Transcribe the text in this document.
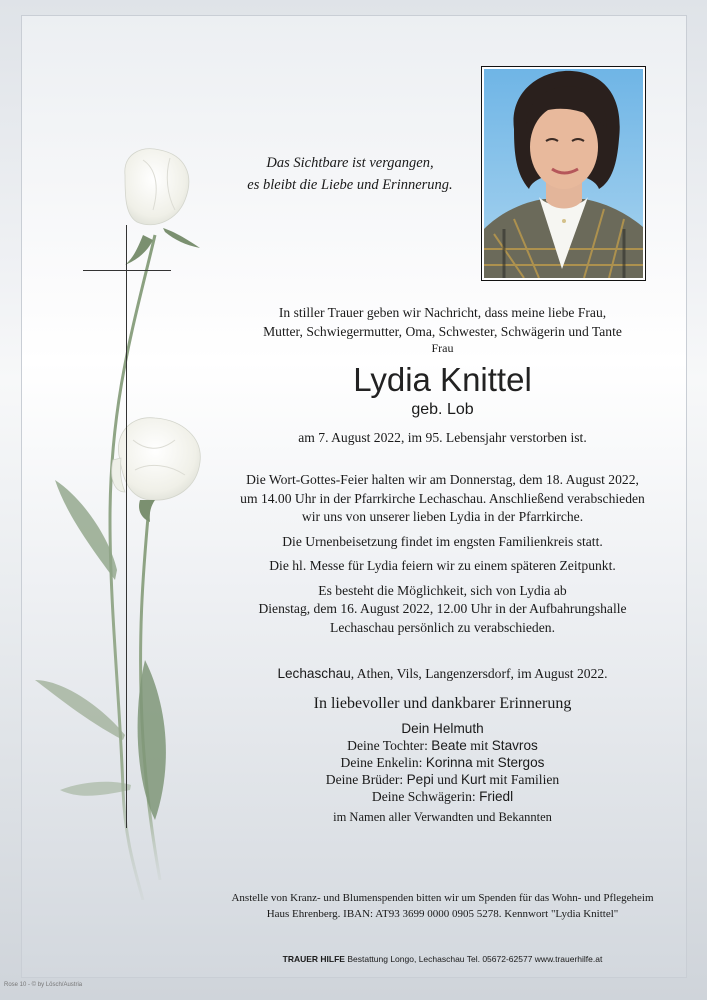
Das Sichtbare ist vergangen,
es bleibt die Liebe und Erinnerung.
In stiller Trauer geben wir Nachricht, dass meine liebe Frau,
Mutter, Schwiegermutter, Oma, Schwester, Schwägerin und Tante
Frau
Lydia Knittel
geb. Lob
am 7. August 2022, im 95. Lebensjahr verstorben ist.

Die Wort-Gottes-Feier halten wir am Donnerstag, dem 18. August 2022,
um 14.00 Uhr in der Pfarrkirche Lechaschau. Anschließend verabschieden
wir uns von unserer lieben Lydia in der Pfarrkirche.

Die Urnenbeisetzung findet im engsten Familienkreis statt.

Die hl. Messe für Lydia feiern wir zu einem späteren Zeitpunkt.

Es besteht die Möglichkeit, sich von Lydia ab
Dienstag, dem 16. August 2022, 12.00 Uhr in der Aufbahrungshalle
Lechaschau persönlich zu verabschieden.

Lechaschau, Athen, Vils, Langenzersdorf, im August 2022.
In liebevoller und dankbarer Erinnerung
Dein Helmuth
Deine Tochter: Beate mit Stavros
Deine Enkelin: Korinna mit Stergos
Deine Brüder: Pepi und Kurt mit Familien
Deine Schwägerin: Friedl
im Namen aller Verwandten und Bekannten
Anstelle von Kranz- und Blumenspenden bitten wir um Spenden für das Wohn- und Pflegeheim
Haus Ehrenberg. IBAN: AT93 3699 0000 0905 5278. Kennwort "Lydia Knittel"
TRAUER HILFE Bestattung Longo, Lechaschau Tel. 05672-62577 www.trauerhilfe.at
Rose 10 - © by Lösch/Austria
